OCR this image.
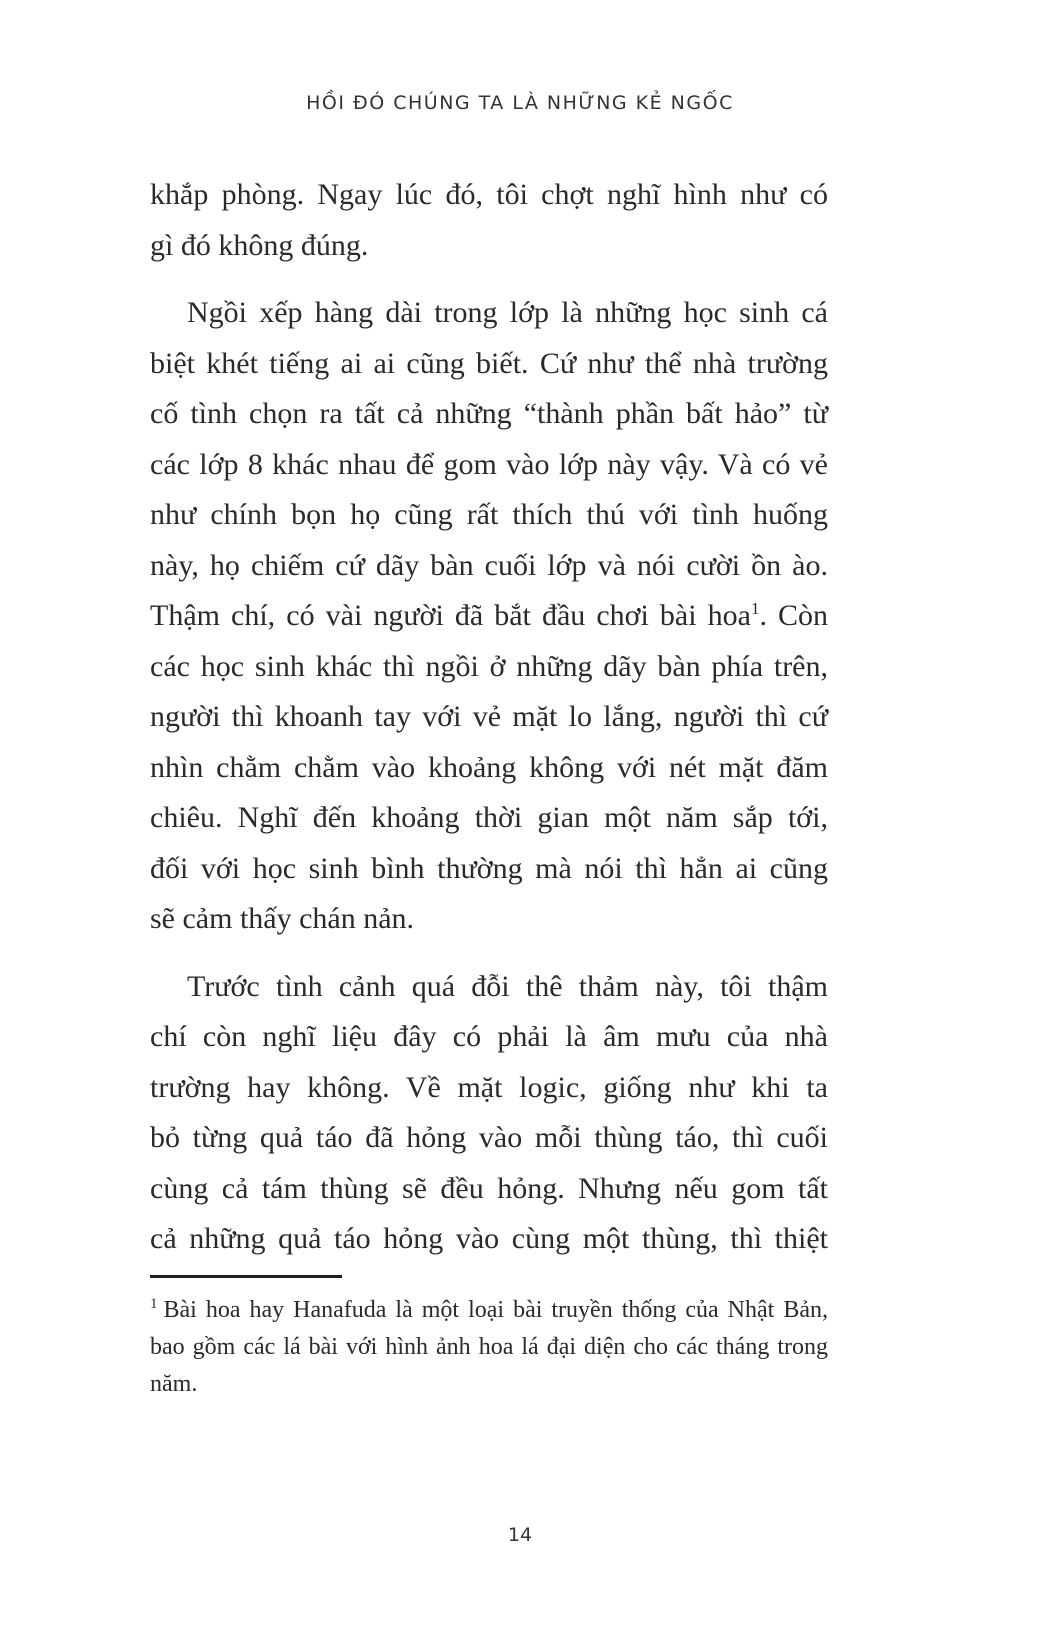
HỒI ĐÓ CHÚNG TA LÀ NHỮNG KẺ NGỐC

khắp phòng. Ngay lúc đó, tôi chợt nghĩ hình như có
gì đó không đúng.

Ngồi xếp hàng dài trong lớp là những học sinh cá
biệt khét tiếng ai ai cũng biết. Cứ như thể nhà trường
cố tình chọn ra tất cả những “thành phần bất hảo” từ
các lớp 8 khác nhau để gom vào lớp này vậy. Và có vẻ
như chính bọn họ cũng rất thích thú với tình huống
này, họ chiếm cứ dãy bàn cuối lớp và nói cười ồn ào.
Thậm chí, có vài người đã bắt đầu chơi bài hoa$^1$. Còn
các học sinh khác thì ngồi ở những dãy bàn phía trên,
người thì khoanh tay với vẻ mặt lo lắng, người thì cứ
nhìn chằm chằm vào khoảng không với nét mặt đăm
chiêu. Nghĩ đến khoảng thời gian một năm sắp tới,
đối với học sinh bình thường mà nói thì hẳn ai cũng
sẽ cảm thấy chán nản.

Trước tình cảnh quá đỗi thê thảm này, tôi thậm
chí còn nghĩ liệu đây có phải là âm mưu của nhà
trường hay không. Về mặt logic, giống như khi ta
bỏ từng quả táo đã hỏng vào mỗi thùng táo, thì cuối
cùng cả tám thùng sẽ đều hỏng. Nhưng nếu gom tất
cả những quả táo hỏng vào cùng một thùng, thì thiệt

$^1$ Bài hoa hay Hanafuda là một loại bài truyền thống của Nhật Bản, bao gồm các lá bài với hình ảnh hoa lá đại diện cho các tháng trong năm.
14
